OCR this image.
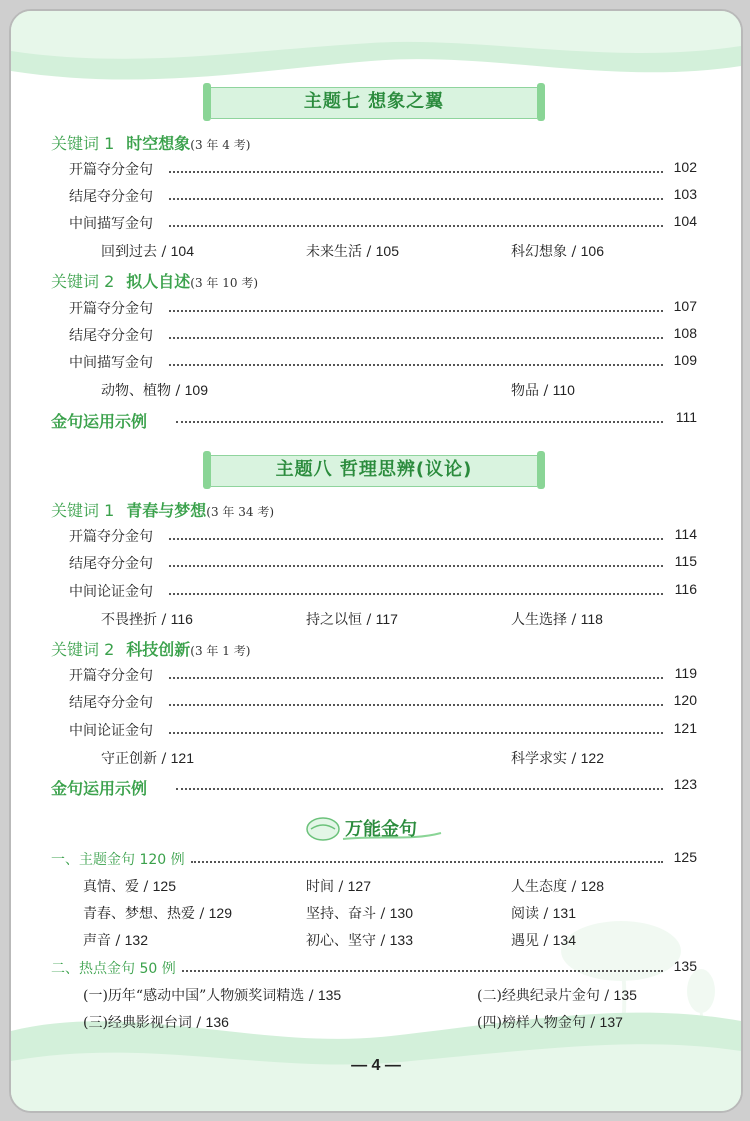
主题七 想象之翼
关键词 1 时空想象(3 年 4 考)
开篇夺分金句	102
结尾夺分金句	103
中间描写金句	104
回到过去 / 104	未来生活 / 105	科幻想象 / 106
关键词 2 拟人自述(3 年 10 考)
开篇夺分金句	107
结尾夺分金句	108
中间描写金句	109
动物、植物 / 109	物品 / 110
金句运用示例	111
主题八 哲理思辨(议论)
关键词 1 青春与梦想(3 年 34 考)
开篇夺分金句	114
结尾夺分金句	115
中间论证金句	116
不畏挫折 / 116	持之以恒 / 117	人生选择 / 118
关键词 2 科技创新(3 年 1 考)
开篇夺分金句	119
结尾夺分金句	120
中间论证金句	121
守正创新 / 121	科学求实 / 122
金句运用示例	123
万能金句
一、主题金句 120 例	125
真情、爱 / 125	时间 / 127	人生态度 / 128
青春、梦想、热爱 / 129	坚持、奋斗 / 130	阅读 / 131
声音 / 132	初心、坚守 / 133	遇见 / 134
二、热点金句 50 例	135
(一)历年“感动中国”人物颁奖词精选 / 135	(二)经典纪录片金句 / 135
(三)经典影视台词 / 136	(四)榜样人物金句 / 137
— 4 —
